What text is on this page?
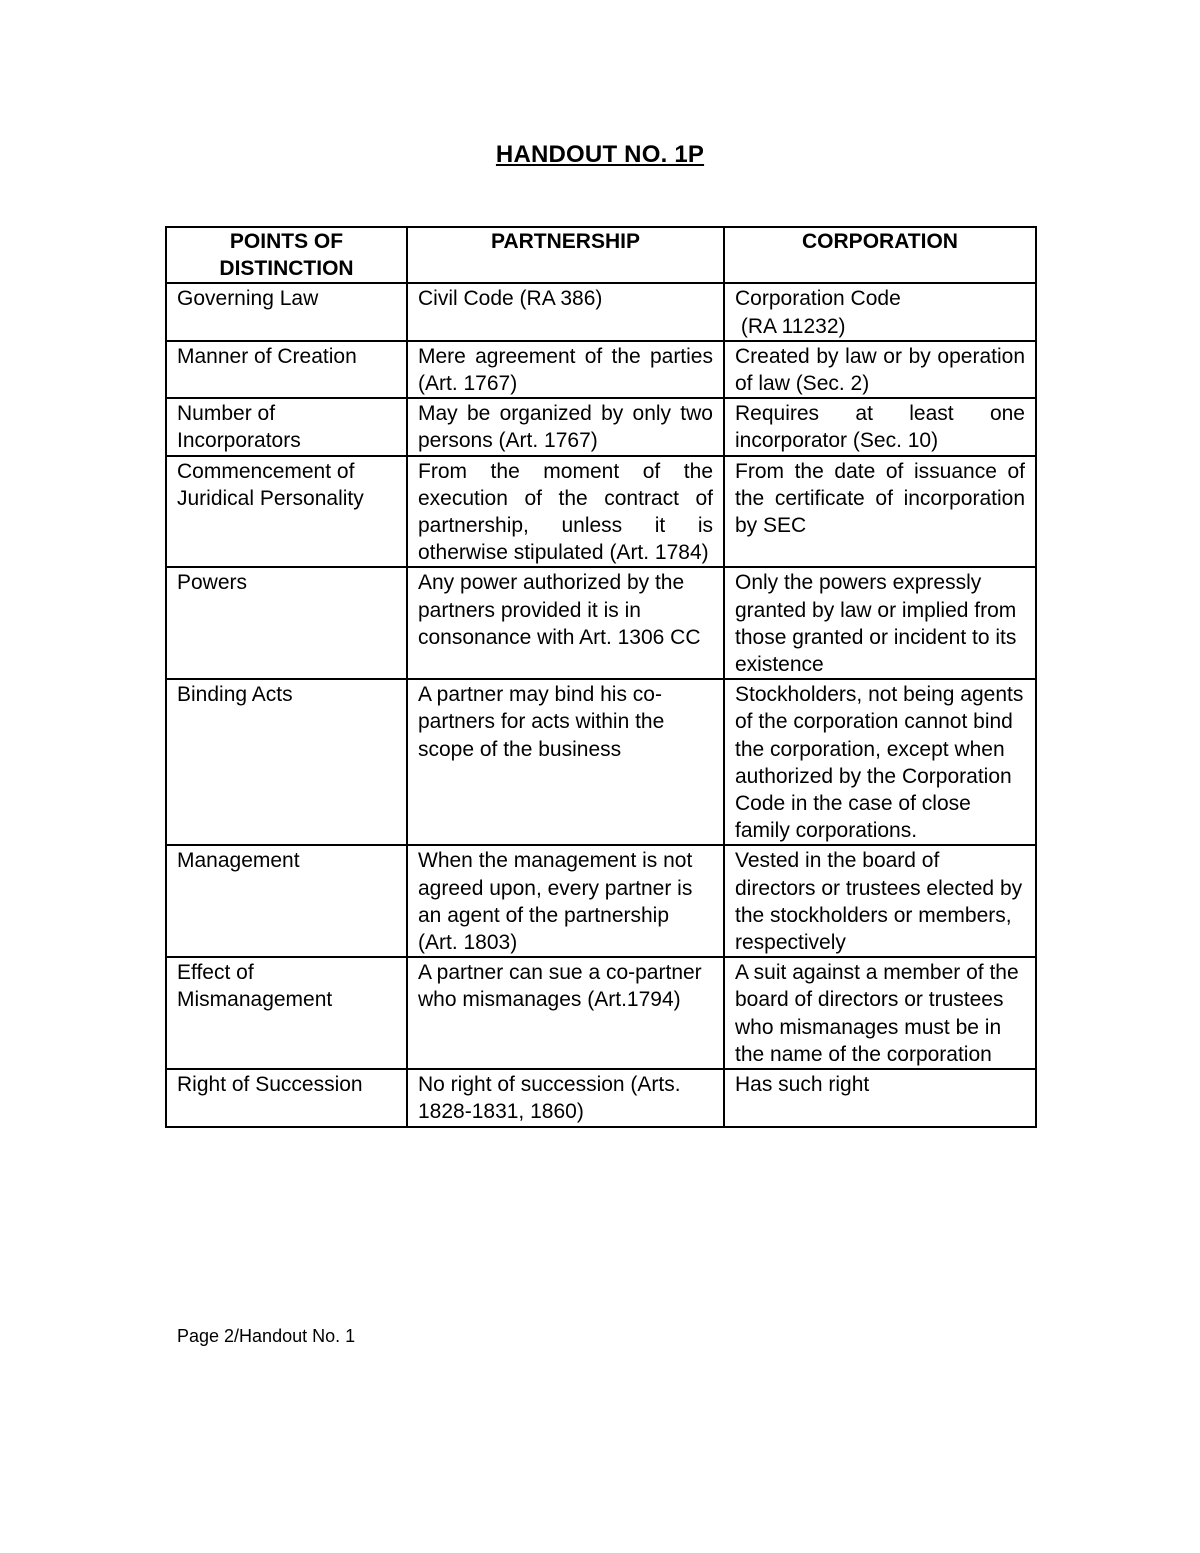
HANDOUT NO. 1P
POINTS OF DISTINCTION	PARTNERSHIP	CORPORATION
Governing Law	Civil Code (RA 386)	Corporation Code
(RA 11232)

Manner of Creation	Mere agreement of the parties (Art. 1767)	Created by law or by operation of law (Sec. 2)
Number of Incorporators	May be organized by only two persons (Art. 1767)	Requires at least one incorporator (Sec. 10)
Commencement of Juridical Personality	From the moment of the execution of the contract of partnership, unless it is otherwise stipulated (Art. 1784)	From the date of issuance of the certificate of incorporation by SEC
Powers	Any power authorized by the partners provided it is in consonance with Art. 1306 CC	Only the powers expressly granted by law or implied from those granted or incident to its existence
Binding Acts	A partner may bind his co-partners for acts within the scope of the business	Stockholders, not being agents of the corporation cannot bind the corporation, except when authorized by the Corporation Code in the case of close family corporations.
Management	When the management is not agreed upon, every partner is an agent of the partnership (Art. 1803)	Vested in the board of directors or trustees elected by the stockholders or members, respectively
Effect of Mismanagement	A partner can sue a co-partner who mismanages (Art.1794)	A suit against a member of the board of directors or trustees who mismanages must be in the name of the corporation
Right of Succession	No right of succession (Arts. 1828-1831, 1860)	Has such right
Page 2/Handout No. 1
